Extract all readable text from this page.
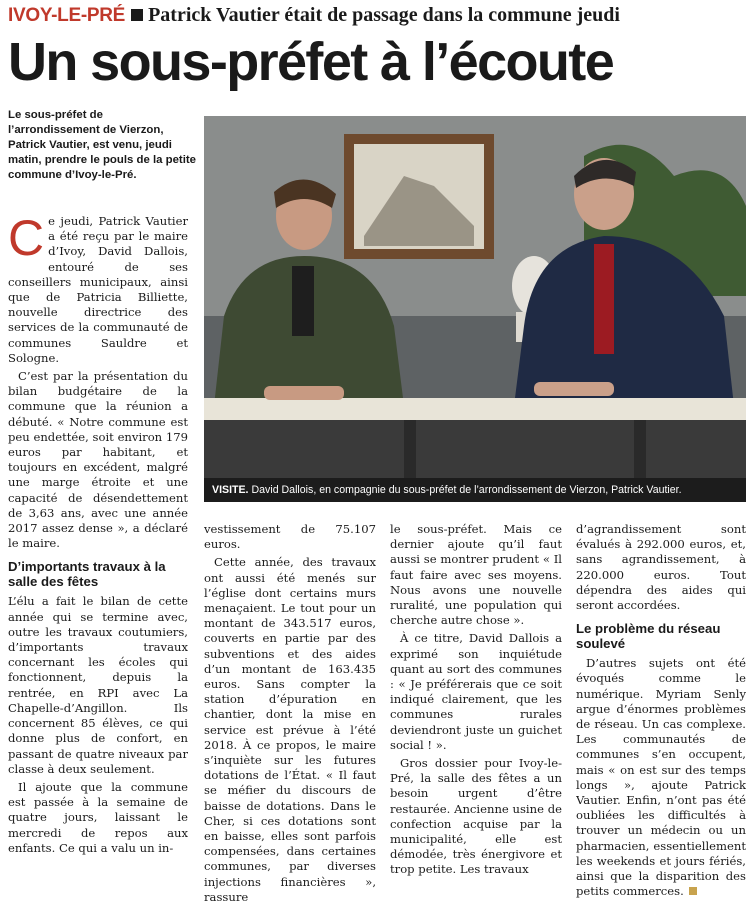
IVOY-LE-PRÉ Patrick Vautier était de passage dans la commune jeudi
Un sous-préfet à l’écoute
Le sous-préfet de l’arrondissement de Vierzon, Patrick Vautier, est venu, jeudi matin, prendre le pouls de la petite commune d’Ivoy-le-Pré.
VISITE. David Dallois, en compagnie du sous-préfet de l’arrondissement de Vierzon, Patrick Vautier.

Ce jeudi, Patrick Vautier a été reçu par le maire d’Ivoy, David Dallois, entouré de ses conseillers municipaux, ainsi que de Patricia Billiette, nouvelle directrice des services de la communauté de communes Sauldre et Sologne.

C’est par la présentation du bilan budgétaire de la commune que la réunion a débuté. « Notre commune est peu endettée, soit environ 179 euros par habitant, et toujours en excédent, malgré une marge étroite et une capacité de désendettement de 3,63 ans, avec une année 2017 assez dense », a déclaré le maire.

D’importants travaux à la salle des fêtes

L’élu a fait le bilan de cette année qui se termine avec, outre les travaux coutumiers, d’importants travaux concernant les écoles qui fonctionnent, depuis la rentrée, en RPI avec La Chapelle-d’Angillon. Ils concernent 85 élèves, ce qui donne plus de confort, en passant de quatre niveaux par classe à deux seulement.

Il ajoute que la commune est passée à la semaine de quatre jours, laissant le mercredi de repos aux enfants. Ce qui a valu un in-

vestissement de 75.107 euros.

Cette année, des travaux ont aussi été menés sur l’église dont certains murs menaçaient. Le tout pour un montant de 343.517 euros, couverts en partie par des subventions et des aides d’un montant de 163.435 euros. Sans compter la station d’épuration en chantier, dont la mise en service est prévue à l’été 2018. À ce propos, le maire s’inquiète sur les futures dotations de l’État. « Il faut se méfier du discours de baisse de dotations. Dans le Cher, si ces dotations sont en baisse, elles sont parfois compensées, dans certaines communes, par diverses injections financières », rassure

le sous-préfet. Mais ce dernier ajoute qu’il faut aussi se montrer prudent « Il faut faire avec ses moyens. Nous avons une nouvelle ruralité, une population qui cherche autre chose ».

À ce titre, David Dallois a exprimé son inquiétude quant au sort des communes : « Je préférerais que ce soit indiqué clairement, que les communes rurales deviendront juste un guichet social ! ».

Gros dossier pour Ivoy-le-Pré, la salle des fêtes a un besoin urgent d’être restaurée. Ancienne usine de confection acquise par la municipalité, elle est démodée, très énergivore et trop petite. Les travaux

d’agrandissement sont évalués à 292.000 euros, et, sans agrandissement, à 220.000 euros. Tout dépendra des aides qui seront accordées.

Le problème du réseau soulevé

D’autres sujets ont été évoqués comme le numérique. Myriam Senly argue d’énormes problèmes de réseau. Un cas complexe. Les communautés de communes s’en occupent, mais « on est sur des temps longs », ajoute Patrick Vautier. Enfin, n’ont pas été oubliées les difficultés à trouver un médecin ou un pharmacien, essentiellement les weekends et jours fériés, ainsi que la disparition des petits commerces.
